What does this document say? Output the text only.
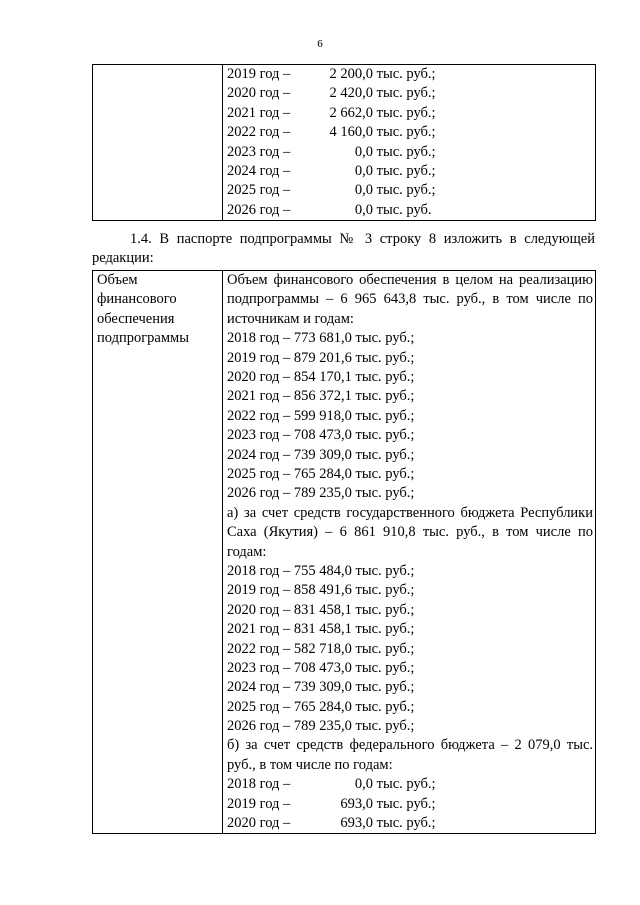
6

2019 год –	2 200,0 тыс. руб.;
2020 год –	2 420,0 тыс. руб.;
2021 год –	2 662,0 тыс. руб.;
2022 год –	4 160,0 тыс. руб.;
2023 год –	0,0 тыс. руб.;
2024 год –	0,0 тыс. руб.;
2025 год –	0,0 тыс. руб.;
2026 год –	0,0 тыс. руб.
1.4. В паспорте подпрограммы № 3 строку 8 изложить в следующей редакции:
Объем финансового обеспечения подпрограммы

Объем финансового обеспечения в целом на реализацию подпрограммы – 6 965 643,8 тыс. руб., в том числе по источникам и годам:
2018 год – 773 681,0 тыс. руб.;
2019 год – 879 201,6 тыс. руб.;
2020 год – 854 170,1 тыс. руб.;
2021 год – 856 372,1 тыс. руб.;
2022 год – 599 918,0 тыс. руб.;
2023 год – 708 473,0 тыс. руб.;
2024 год – 739 309,0 тыс. руб.;
2025 год – 765 284,0 тыс. руб.;
2026 год – 789 235,0 тыс. руб.;
а) за счет средств государственного бюджета Республики Саха (Якутия) – 6 861 910,8 тыс. руб., в том числе по годам:
2018 год – 755 484,0 тыс. руб.;
2019 год – 858 491,6 тыс. руб.;
2020 год – 831 458,1 тыс. руб.;
2021 год – 831 458,1 тыс. руб.;
2022 год – 582 718,0 тыс. руб.;
2023 год – 708 473,0 тыс. руб.;
2024 год – 739 309,0 тыс. руб.;
2025 год – 765 284,0 тыс. руб.;
2026 год – 789 235,0 тыс. руб.;
б) за счет средств федерального бюджета – 2 079,0 тыс. руб., в том числе по годам:
2018 год –	0,0 тыс. руб.;
2019 год –	693,0 тыс. руб.;
2020 год –	693,0 тыс. руб.;
